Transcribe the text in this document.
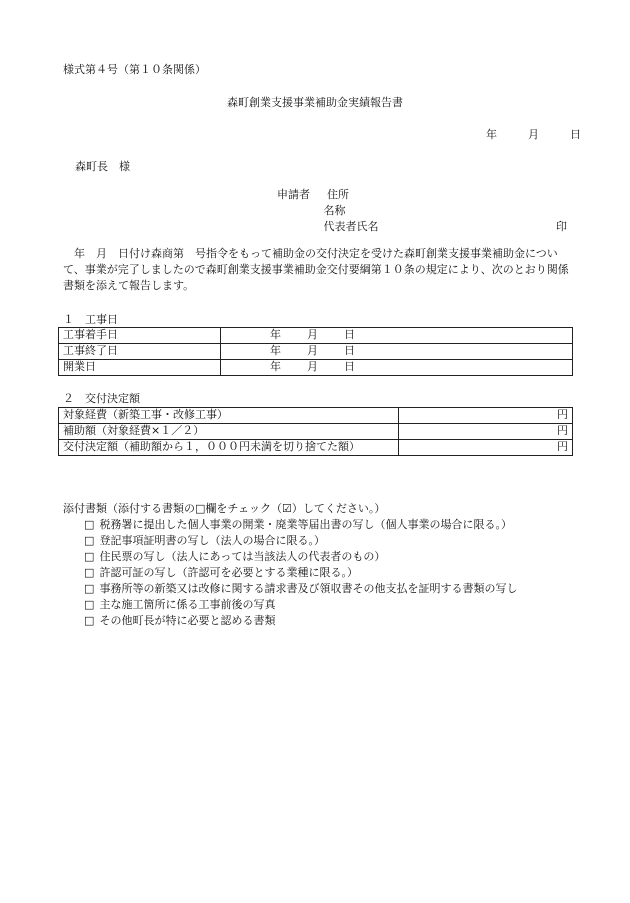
様式第４号（第１０条関係）
森町創業支援事業補助金実績報告書
年	月	日
森町長　様
申請者 住所
名称
代表者氏名	印
年　月　日付け森商第　号指令をもって補助金の交付決定を受けた森町創業支援事業補助金について、事業が完了しましたので森町創業支援事業補助金交付要綱第１０条の規定により、次のとおり関係書類を添えて報告します。
１　工事日
工事着手日	年 月 日
工事終了日	年 月 日
開業日	年 月 日
２　交付決定額
対象経費（新築工事・改修工事）	円
補助額（対象経費×１／２）	円
交付決定額（補助額から１，０００円未満を切り捨てた額）	円
添付書類（添付する書類の□欄をチェック（☑）してください。）
□ 税務署に提出した個人事業の開業・廃業等届出書の写し（個人事業の場合に限る。）
□ 登記事項証明書の写し（法人の場合に限る。）
□ 住民票の写し（法人にあっては当該法人の代表者のもの）
□ 許認可証の写し（許認可を必要とする業種に限る。）
□ 事務所等の新築又は改修に関する請求書及び領収書その他支払を証明する書類の写し
□ 主な施工箇所に係る工事前後の写真
□ その他町長が特に必要と認める書類
